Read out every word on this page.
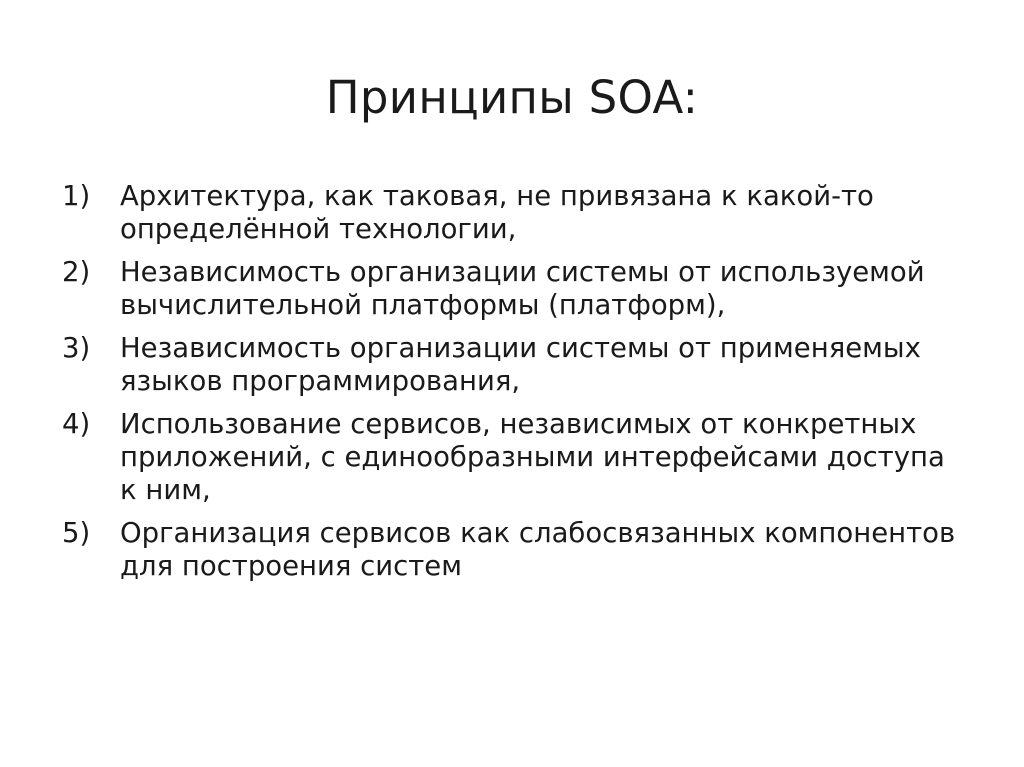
Принципы SOA:
1)	Архитектура, как таковая, не привязана к какой-то определённой технологии,
2)	Независимость организации системы от используемой вычислительной платформы (платформ),
3)	Независимость организации системы от применяемых языков программирования,
4)	Использование сервисов, независимых от конкретных приложений, с единообразными интерфейсами доступа к ним,
5)	Организация сервисов как слабосвязанных компонентов для построения систем
